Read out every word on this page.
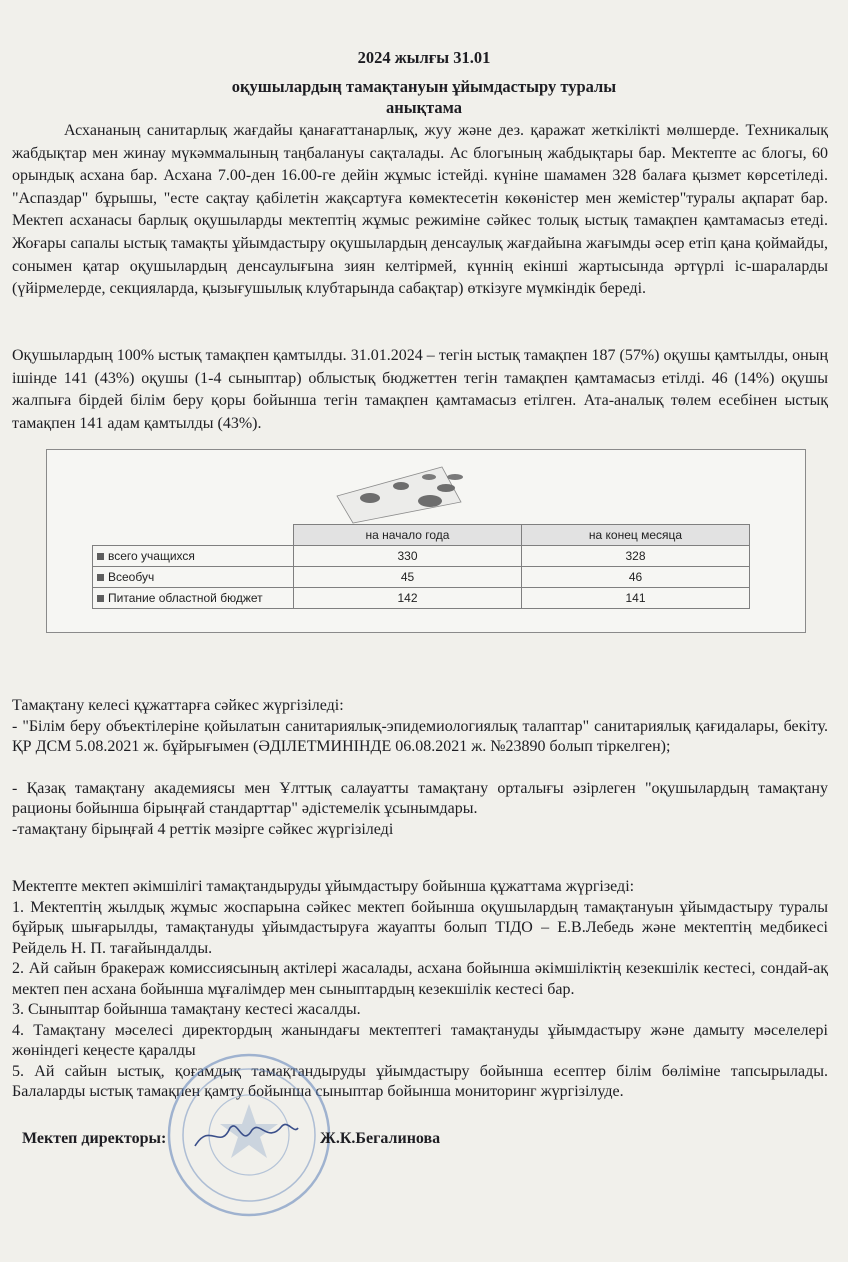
2024 жылғы 31.01
оқушылардың тамақтануын ұйымдастыру туралы
анықтама
Асхананың санитарлық жағдайы қанағаттанарлық, жуу және дез. қаражат жеткілікті мөлшерде. Техникалық жабдықтар мен жинау мүкәммалының таңбалануы сақталады. Ас блогының жабдықтары бар. Мектепте ас блогы, 60 орындық асхана бар. Асхана 7.00-ден 16.00-ге дейін жұмыс істейді. күніне шамамен 328 балаға қызмет көрсетіледі. "Аспаздар" бұрышы, "есте сақтау қабілетін жақсартуға көмектесетін көкөністер мен жемістер"туралы ақпарат бар. Мектеп асханасы барлық оқушыларды мектептің жұмыс режиміне сәйкес толық ыстық тамақпен қамтамасыз етеді. Жоғары сапалы ыстық тамақты ұйымдастыру оқушылардың денсаулық жағдайына жағымды әсер етіп қана қоймайды, сонымен қатар оқушылардың денсаулығына зиян келтірмей, күннің екінші жартысында әртүрлі іс-шараларды (үйірмелерде, секцияларда, қызығушылық клубтарында сабақтар) өткізуге мүмкіндік береді.
Оқушылардың 100% ыстық тамақпен қамтылды. 31.01.2024 – тегін ыстық тамақпен 187 (57%) оқушы қамтылды, оның ішінде 141 (43%) оқушы (1-4 сыныптар) облыстық бюджеттен тегін тамақпен қамтамасыз етілді. 46 (14%) оқушы жалпыға бірдей білім беру қоры бойынша тегін тамақпен қамтамасыз етілген. Ата-аналық төлем есебінен ыстық тамақпен 141 адам қамтылды (43%).
	на начало года	на конец месяца
всего учащихся	330	328
Всеобуч	45	46
Питание областной бюджет	142	141
Тамақтану келесі құжаттарға сәйкес жүргізіледі:
- "Білім беру объектілеріне қойылатын санитариялық-эпидемиологиялық талаптар" санитариялық қағидалары, бекіту. ҚР ДСМ 5.08.2021 ж. бұйрығымен (ӘДІЛЕТМИНІНДЕ 06.08.2021 ж. №23890 болып тіркелген);
- Қазақ тамақтану академиясы мен Ұлттық салауатты тамақтану орталығы әзірлеген "оқушылардың тамақтану рационы бойынша бірыңғай стандарттар" әдістемелік ұсынымдары.
-тамақтану бірыңғай 4 реттік мәзірге сәйкес жүргізіледі
Мектепте мектеп әкімшілігі тамақтандыруды ұйымдастыру бойынша құжаттама жүргізеді:
1. Мектептің жылдық жұмыс жоспарына сәйкес мектеп бойынша оқушылардың тамақтануын ұйымдастыру туралы бұйрық шығарылды, тамақтануды ұйымдастыруға жауапты болып ТІДО – Е.В.Лебедь және мектептің медбикесі Рейдель Н. П. тағайындалды.
2. Ай сайын бракераж комиссиясының актілері жасалады, асхана бойынша әкімшіліктің кезекшілік кестесі, сондай-ақ мектеп пен асхана бойынша мұғалімдер мен сыныптардың кезекшілік кестесі бар.
3. Сыныптар бойынша тамақтану кестесі жасалды.
4. Тамақтану мәселесі директордың жанындағы мектептегі тамақтануды ұйымдастыру және дамыту мәселелері жөніндегі кеңесте қаралды
5. Ай сайын ыстық, қоғамдық тамақтандыруды ұйымдастыру бойынша есептер білім бөліміне тапсырылады. Балаларды ыстық тамақпен қамту бойынша сыныптар бойынша мониторинг жүргізілуде.
Мектеп директоры:	Ж.К.Бегалинова
